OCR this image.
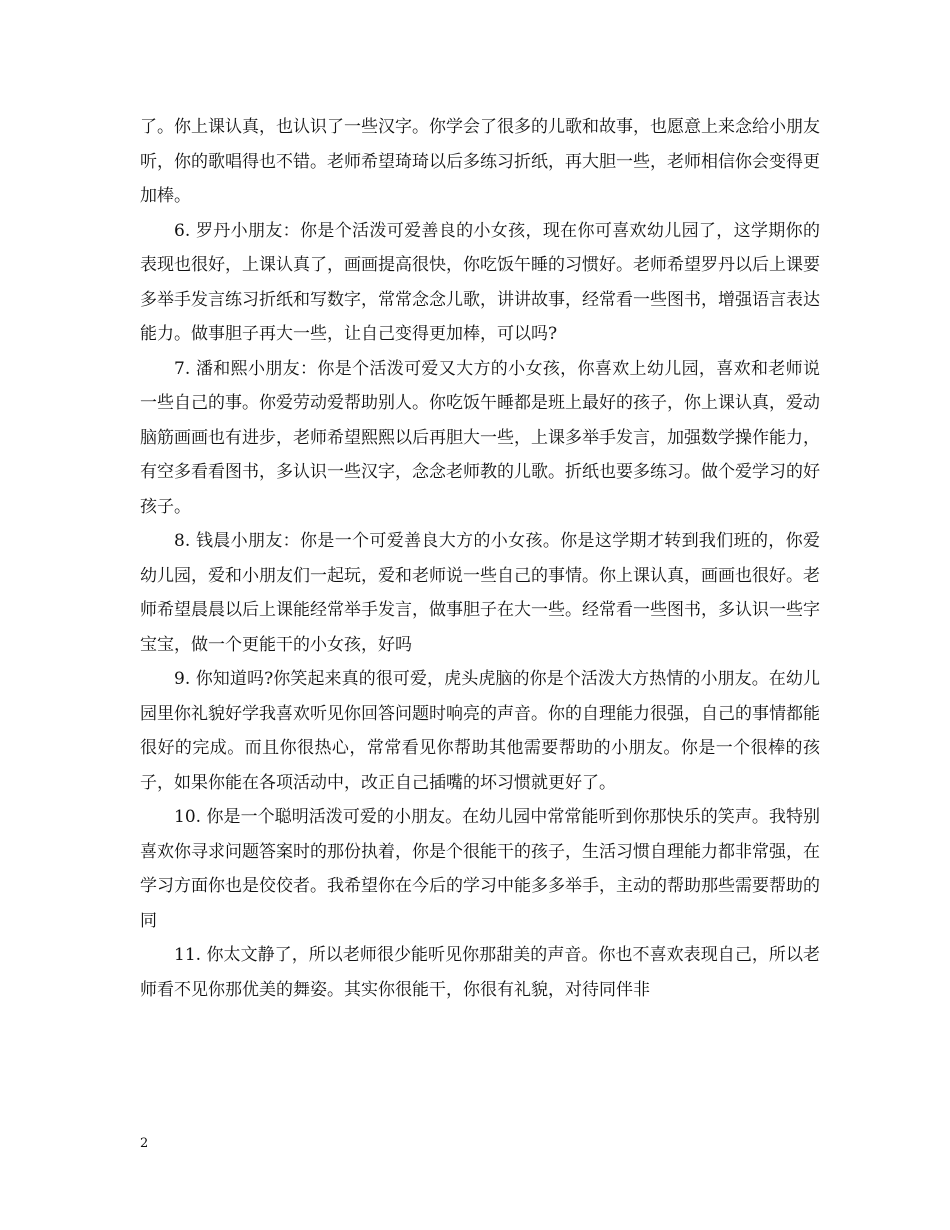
了。你上课认真，也认识了一些汉字。你学会了很多的儿歌和故事，也愿意上来念给小朋友听，你的歌唱得也不错。老师希望琦琦以后多练习折纸，再大胆一些，老师相信你会变得更加棒。

6. 罗丹小朋友：你是个活泼可爱善良的小女孩，现在你可喜欢幼儿园了，这学期你的表现也很好，上课认真了，画画提高很快，你吃饭午睡的习惯好。老师希望罗丹以后上课要多举手发言练习折纸和写数字，常常念念儿歌，讲讲故事，经常看一些图书，增强语言表达能力。做事胆子再大一些，让自己变得更加棒，可以吗?

7. 潘和熙小朋友：你是个活泼可爱又大方的小女孩，你喜欢上幼儿园，喜欢和老师说一些自己的事。你爱劳动爱帮助别人。你吃饭午睡都是班上最好的孩子，你上课认真，爱动脑筋画画也有进步，老师希望熙熙以后再胆大一些，上课多举手发言，加强数学操作能力，有空多看看图书，多认识一些汉字，念念老师教的儿歌。折纸也要多练习。做个爱学习的好孩子。

8. 钱晨小朋友：你是一个可爱善良大方的小女孩。你是这学期才转到我们班的，你爱幼儿园，爱和小朋友们一起玩，爱和老师说一些自己的事情。你上课认真，画画也很好。老师希望晨晨以后上课能经常举手发言，做事胆子在大一些。经常看一些图书，多认识一些字宝宝，做一个更能干的小女孩，好吗

9. 你知道吗?你笑起来真的很可爱，虎头虎脑的你是个活泼大方热情的小朋友。在幼儿园里你礼貌好学我喜欢听见你回答问题时响亮的声音。你的自理能力很强，自己的事情都能很好的完成。而且你很热心，常常看见你帮助其他需要帮助的小朋友。你是一个很棒的孩子，如果你能在各项活动中，改正自己插嘴的坏习惯就更好了。

10. 你是一个聪明活泼可爱的小朋友。在幼儿园中常常能听到你那快乐的笑声。我特别喜欢你寻求问题答案时的那份执着，你是个很能干的孩子，生活习惯自理能力都非常强，在学习方面你也是佼佼者。我希望你在今后的学习中能多多举手，主动的帮助那些需要帮助的同

11. 你太文静了，所以老师很少能听见你那甜美的声音。你也不喜欢表现自己，所以老师看不见你那优美的舞姿。其实你很能干，你很有礼貌，对待同伴非

2
